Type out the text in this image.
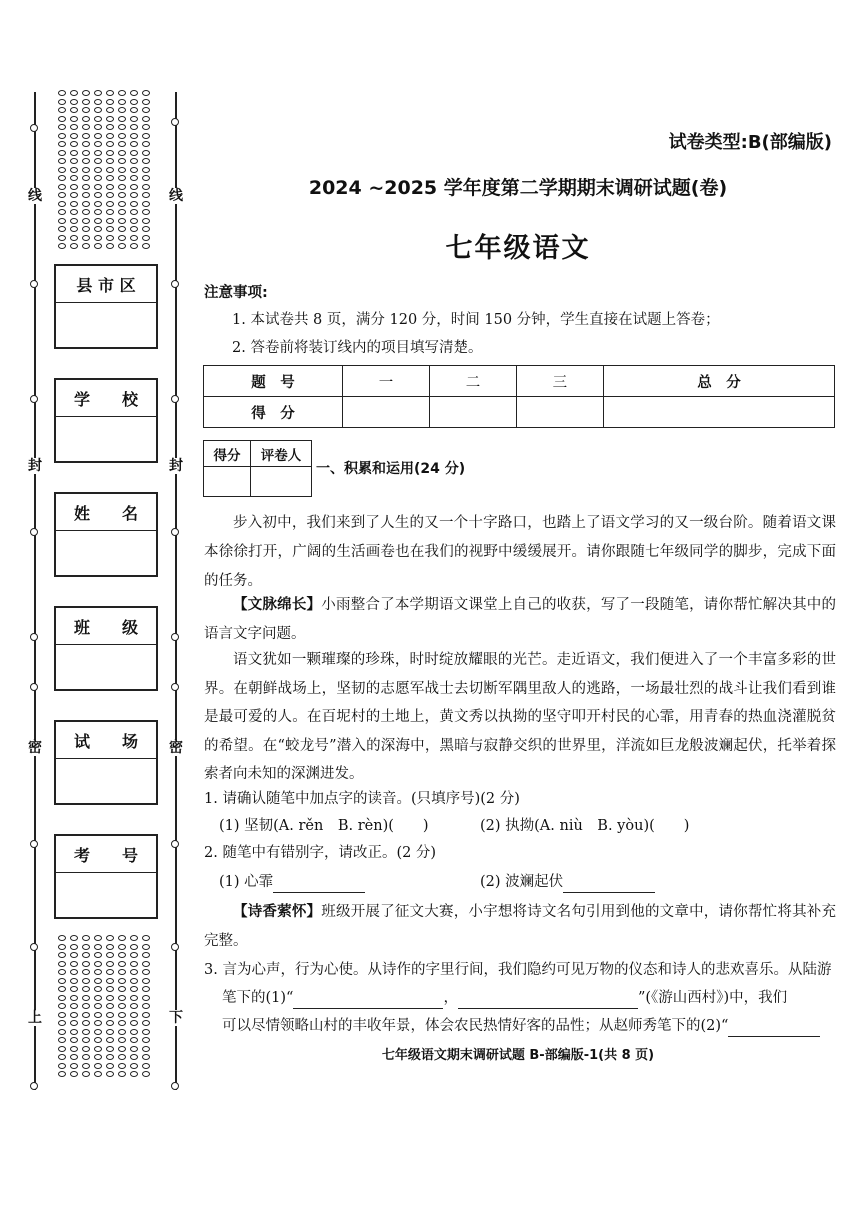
线
封
密
上
线
封
密
下
县 市 区
学　　校
姓　　名
班　　级
试　　场
考　　号
试卷类型:B(部编版)
2024 ~2025 学年度第二学期期末调研试题(卷)
七年级语文
注意事项:
1. 本试卷共 8 页，满分 120 分，时间 150 分钟，学生直接在试题上答卷；
2. 答卷前将装订线内的项目填写清楚。
题　号	一	二	三	总　分
得　分				
得分	评卷人

一、积累和运用(24 分)
步入初中，我们来到了人生的又一个十字路口，也踏上了语文学习的又一级台阶。随着语文课本徐徐打开，广阔的生活画卷也在我们的视野中缓缓展开。请你跟随七年级同学的脚步，完成下面的任务。
【文脉绵长】小雨整合了本学期语文课堂上自己的收获，写了一段随笔，请你帮忙解决其中的语言文字问题。
语文犹如一颗璀璨的珍珠，时时绽放耀眼的光芒。走近语文，我们便进入了一个丰富多彩的世界。在朝鲜战场上，坚韧的志愿军战士去切断军隅里敌人的逃路，一场最壮烈的战斗让我们看到谁是最可爱的人。在百坭村的土地上，黄文秀以执拗的坚守叩开村民的心霏，用青春的热血浇灌脱贫的希望。在“蛟龙号”潜入的深海中，黑暗与寂静交织的世界里，洋流如巨龙般波斓起伏，托举着探索者向未知的深渊进发。
1. 请确认随笔中加点字的读音。(只填序号)(2 分)
(1) 坚韧(A. rěn　B. rèn)(　　)	(2) 执拗(A. niù　B. yòu)(　　)
2. 随笔中有错别字，请改正。(2 分)
(1) 心霏	(2) 波斓起伏
【诗香萦怀】班级开展了征文大赛，小宇想将诗文名句引用到他的文章中，请你帮忙将其补充完整。
3. 言为心声，行为心使。从诗作的字里行间，我们隐约可见万物的仪态和诗人的悲欢喜乐。从陆游
笔下的(1)“	，	”(《游山西村》)中，我们
可以尽情领略山村的丰收年景，体会农民热情好客的品性；从赵师秀笔下的(2)“
七年级语文期末调研试题 B-部编版-1(共 8 页)
